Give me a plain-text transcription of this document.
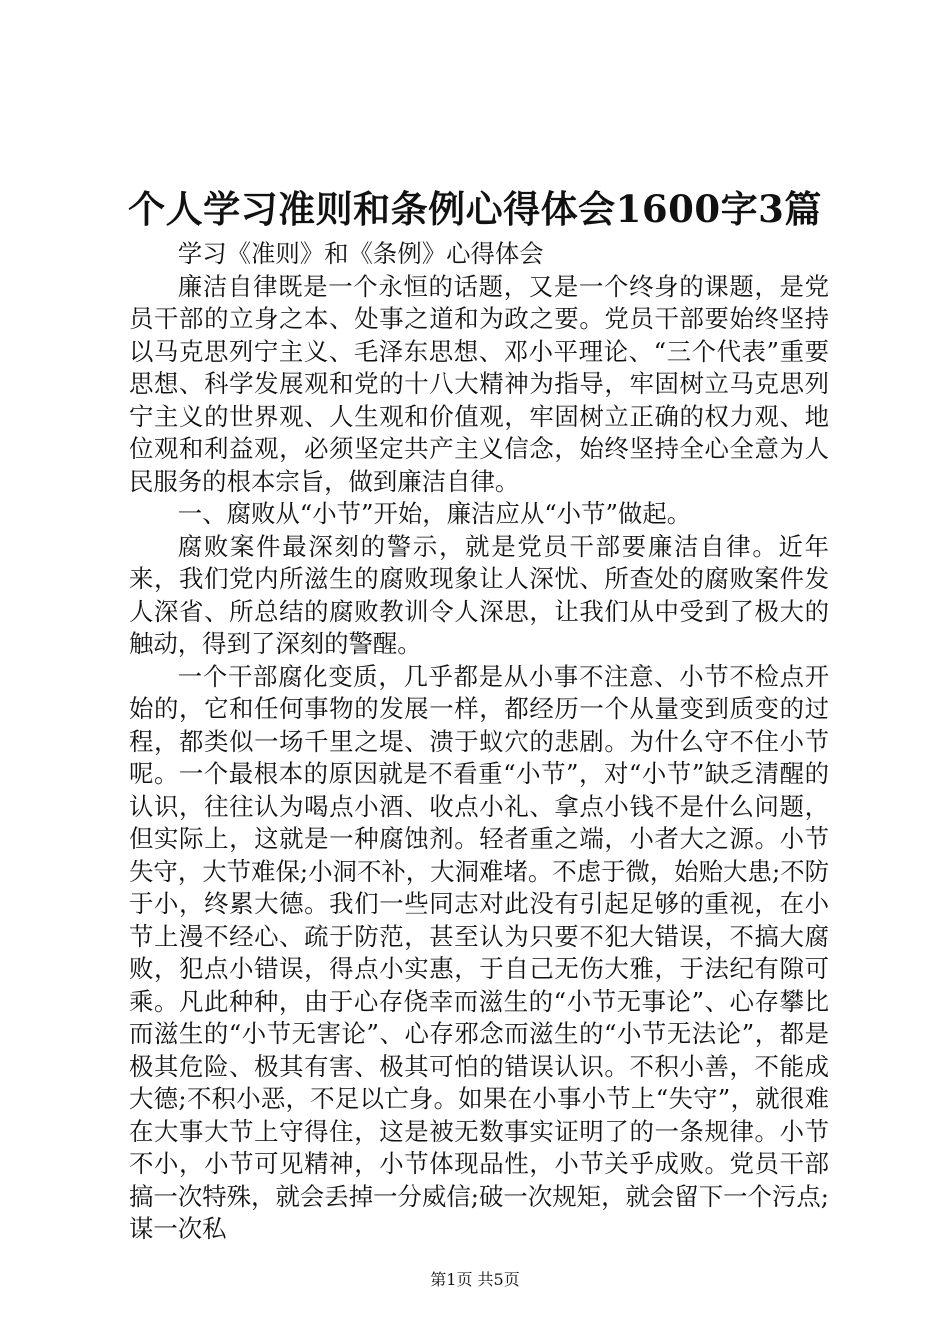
个人学习准则和条例心得体会1600字3篇

学习《准则》和《条例》心得体会

廉洁自律既是一个永恒的话题，又是一个终身的课题，是党员干部的立身之本、处事之道和为政之要。党员干部要始终坚持以马克思列宁主义、毛泽东思想、邓小平理论、“三个代表”重要思想、科学发展观和党的十八大精神为指导，牢固树立马克思列宁主义的世界观、人生观和价值观，牢固树立正确的权力观、地位观和利益观，必须坚定共产主义信念，始终坚持全心全意为人民服务的根本宗旨，做到廉洁自律。

一、腐败从“小节”开始，廉洁应从“小节”做起。

腐败案件最深刻的警示，就是党员干部要廉洁自律。近年来，我们党内所滋生的腐败现象让人深忧、所查处的腐败案件发人深省、所总结的腐败教训令人深思，让我们从中受到了极大的触动，得到了深刻的警醒。

一个干部腐化变质，几乎都是从小事不注意、小节不检点开始的，它和任何事物的发展一样，都经历一个从量变到质变的过程，都类似一场千里之堤、溃于蚁穴的悲剧。为什么守不住小节呢。一个最根本的原因就是不看重“小节”，对“小节”缺乏清醒的认识，往往认为喝点小酒、收点小礼、拿点小钱不是什么问题，但实际上，这就是一种腐蚀剂。轻者重之端，小者大之源。小节失守，大节难保;小洞不补，大洞难堵。不虑于微，始贻大患;不防于小，终累大德。我们一些同志对此没有引起足够的重视，在小节上漫不经心、疏于防范，甚至认为只要不犯大错误，不搞大腐败，犯点小错误，得点小实惠，于自己无伤大雅，于法纪有隙可乘。凡此种种，由于心存侥幸而滋生的“小节无事论”、心存攀比而滋生的“小节无害论”、心存邪念而滋生的“小节无法论”，都是极其危险、极其有害、极其可怕的错误认识。不积小善，不能成大德;不积小恶，不足以亡身。如果在小事小节上“失守”，就很难在大事大节上守得住，这是被无数事实证明了的一条规律。小节不小，小节可见精神，小节体现品性，小节关乎成败。党员干部搞一次特殊，就会丢掉一分威信;破一次规矩，就会留下一个污点;谋一次私

第1页 共5页
